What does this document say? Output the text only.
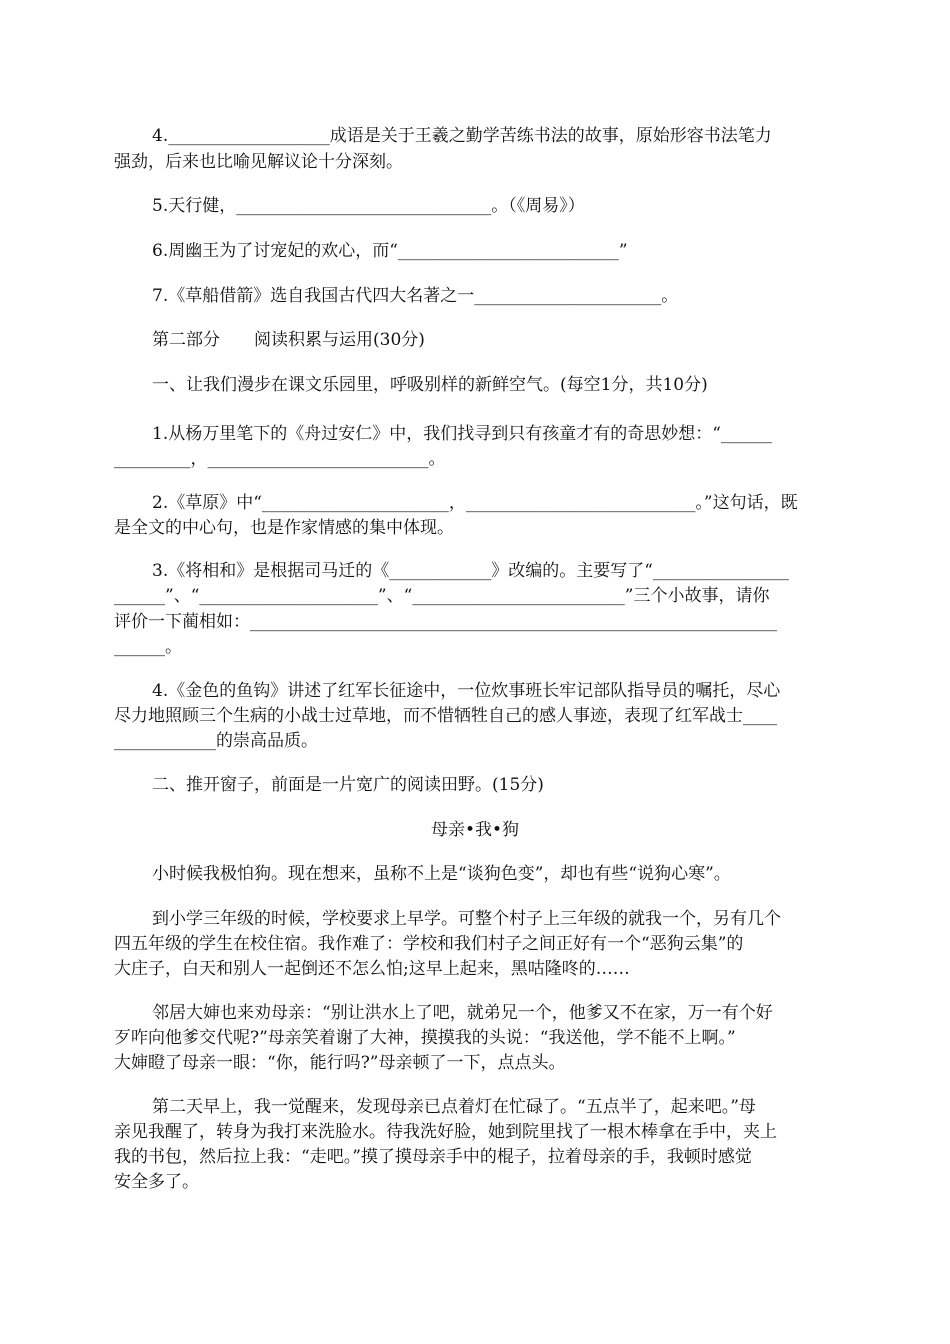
4.___________________成语是关于王羲之勤学苦练书法的故事，原始形容书法笔力
强劲，后来也比喻见解议论十分深刻。
5.天行健，______________________________。（《周易》）
6.周幽王为了讨宠妃的欢心，而“__________________________”
7.《草船借箭》选自我国古代四大名著之一______________________。
第二部分　　阅读积累与运用(30分)
一、让我们漫步在课文乐园里，呼吸别样的新鲜空气。(每空1分，共10分)
1.从杨万里笔下的《舟过安仁》中，我们找寻到只有孩童才有的奇思妙想：“______
_________，__________________________。
2.《草原》中“______________________，___________________________。”这句话，既
是全文的中心句，也是作家情感的集中体现。
3.《将相和》是根据司马迁的《____________》改编的。主要写了“________________
______”、“_____________________”、“_________________________”三个小故事，请你
评价一下蔺相如：______________________________________________________________
______。
4.《金色的鱼钩》讲述了红军长征途中，一位炊事班长牢记部队指导员的嘱托，尽心
尽力地照顾三个生病的小战士过草地，而不惜牺牲自己的感人事迹，表现了红军战士____
____________的崇高品质。
二、推开窗子，前面是一片宽广的阅读田野。(15分)
母亲•我•狗
小时候我极怕狗。现在想来，虽称不上是“谈狗色变”，却也有些“说狗心寒”。
到小学三年级的时候，学校要求上早学。可整个村子上三年级的就我一个，另有几个
四五年级的学生在校住宿。我作难了：学校和我们村子之间正好有一个“恶狗云集”的
大庄子，白天和别人一起倒还不怎么怕;这早上起来，黑咕隆咚的……
邻居大婶也来劝母亲：“别让洪水上了吧，就弟兄一个，他爹又不在家，万一有个好
歹咋向他爹交代呢?”母亲笑着谢了大神，摸摸我的头说：“我送他，学不能不上啊。”
大婶瞪了母亲一眼：“你，能行吗?”母亲顿了一下，点点头。
第二天早上，我一觉醒来，发现母亲已点着灯在忙碌了。“五点半了，起来吧。”母
亲见我醒了，转身为我打来洗脸水。待我洗好脸，她到院里找了一根木棒拿在手中，夹上
我的书包，然后拉上我：“走吧。”摸了摸母亲手中的棍子，拉着母亲的手，我顿时感觉
安全多了。
